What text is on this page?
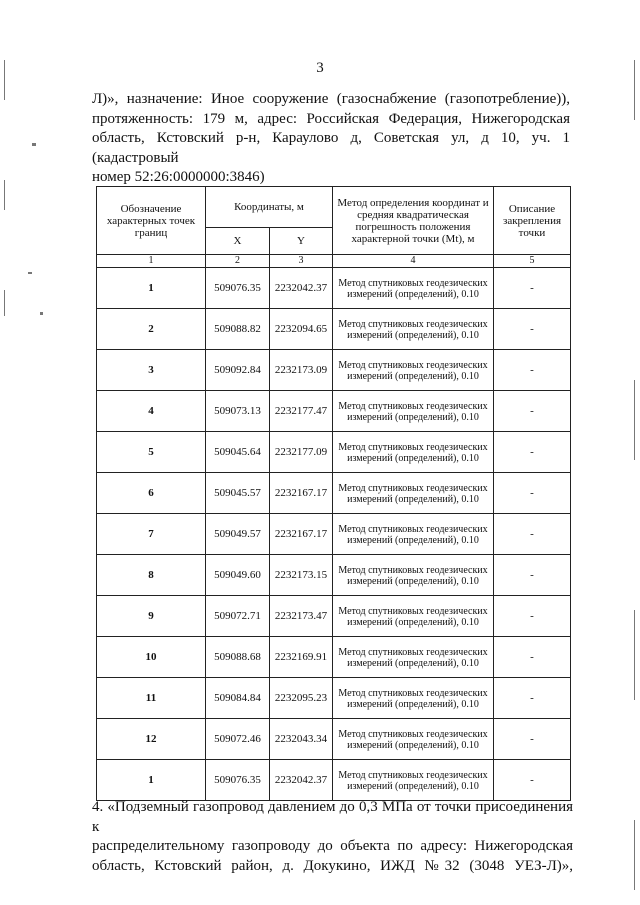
3
Л)», назначение: Иное сооружение (газоснабжение (газопотребление)),
протяженность: 179 м, адрес: Российская Федерация, Нижегородская
область, Кстовский р-н, Караулово д, Советская ул, д 10, уч. 1 (кадастровый
номер 52:26:0000000:3846)
Обозначение характерных точек границ	Координаты, м		Метод определения координат и средняя квадратическая погрешность положения характерной точки (Mt), м	Описание закрепления точки
	X	Y		
1	2	3	4	5
1	509076.35	2232042.37	Метод спутниковых геодезических измерений (определений), 0.10	-
2	509088.82	2232094.65	Метод спутниковых геодезических измерений (определений), 0.10	-
3	509092.84	2232173.09	Метод спутниковых геодезических измерений (определений), 0.10	-
4	509073.13	2232177.47	Метод спутниковых геодезических измерений (определений), 0.10	-
5	509045.64	2232177.09	Метод спутниковых геодезических измерений (определений), 0.10	-
6	509045.57	2232167.17	Метод спутниковых геодезических измерений (определений), 0.10	-
7	509049.57	2232167.17	Метод спутниковых геодезических измерений (определений), 0.10	-
8	509049.60	2232173.15	Метод спутниковых геодезических измерений (определений), 0.10	-
9	509072.71	2232173.47	Метод спутниковых геодезических измерений (определений), 0.10	-
10	509088.68	2232169.91	Метод спутниковых геодезических измерений (определений), 0.10	-
11	509084.84	2232095.23	Метод спутниковых геодезических измерений (определений), 0.10	-
12	509072.46	2232043.34	Метод спутниковых геодезических измерений (определений), 0.10	-
1	509076.35	2232042.37	Метод спутниковых геодезических измерений (определений), 0.10	-
4. «Подземный газопровод давлением до 0,3 МПа от точки присоединения к
распределительному газопроводу до объекта по адресу: Нижегородская
область, Кстовский район, д. Докукино, ИЖД №32 (3048 УЕЗ-Л)»,
